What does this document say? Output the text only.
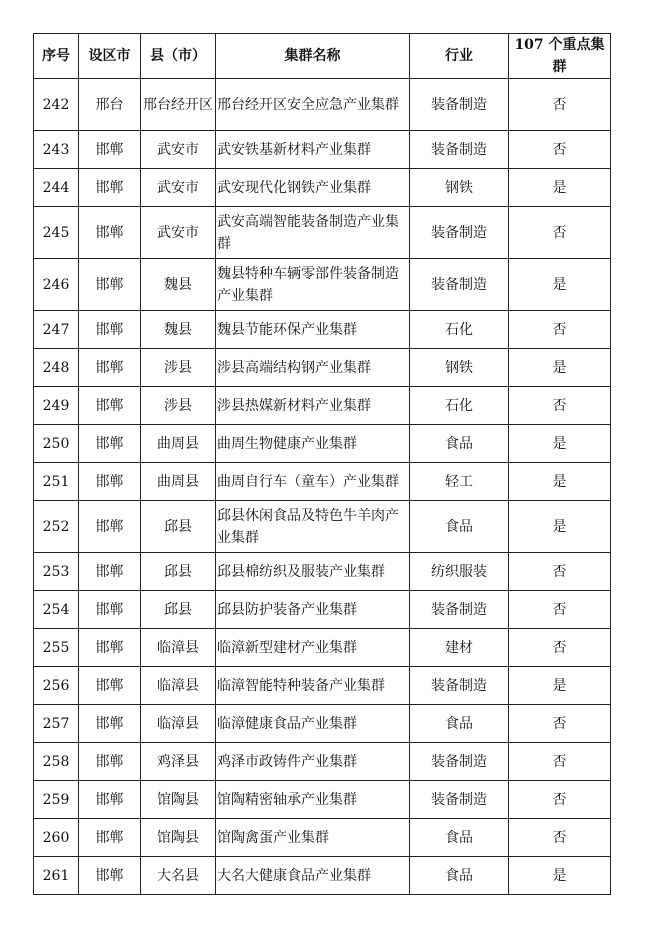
序号	设区市	县（市）	集群名称	行业	107 个重点集群
242	邢台	邢台经开区	邢台经开区安全应急产业集群	装备制造	否
243	邯郸	武安市	武安铁基新材料产业集群	装备制造	否
244	邯郸	武安市	武安现代化钢铁产业集群	钢铁	是
245	邯郸	武安市	武安高端智能装备制造产业集群	装备制造	否
246	邯郸	魏县	魏县特种车辆零部件装备制造产业集群	装备制造	是
247	邯郸	魏县	魏县节能环保产业集群	石化	否
248	邯郸	涉县	涉县高端结构钢产业集群	钢铁	是
249	邯郸	涉县	涉县热媒新材料产业集群	石化	否
250	邯郸	曲周县	曲周生物健康产业集群	食品	是
251	邯郸	曲周县	曲周自行车（童车）产业集群	轻工	是
252	邯郸	邱县	邱县休闲食品及特色牛羊肉产业集群	食品	是
253	邯郸	邱县	邱县棉纺织及服装产业集群	纺织服装	否
254	邯郸	邱县	邱县防护装备产业集群	装备制造	否
255	邯郸	临漳县	临漳新型建材产业集群	建材	否
256	邯郸	临漳县	临漳智能特种装备产业集群	装备制造	是
257	邯郸	临漳县	临漳健康食品产业集群	食品	否
258	邯郸	鸡泽县	鸡泽市政铸件产业集群	装备制造	否
259	邯郸	馆陶县	馆陶精密轴承产业集群	装备制造	否
260	邯郸	馆陶县	馆陶禽蛋产业集群	食品	否
261	邯郸	大名县	大名大健康食品产业集群	食品	是
